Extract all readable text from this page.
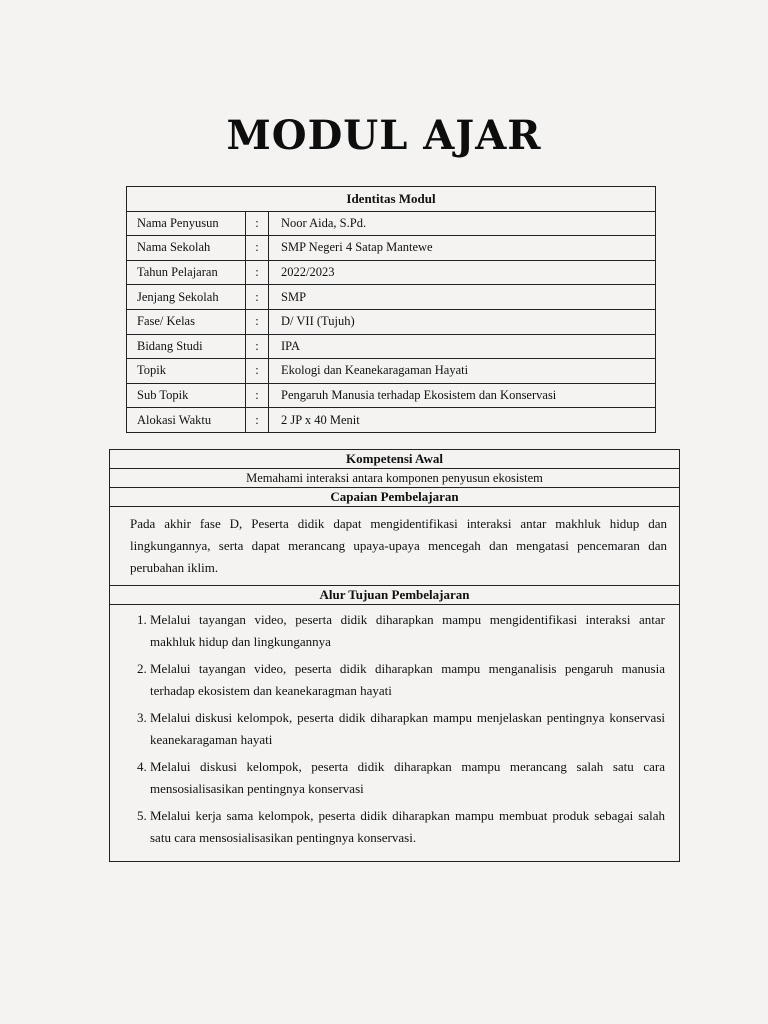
MODUL AJAR
Identitas Modul		
Nama Penyusun	:	Noor Aida, S.Pd.
Nama Sekolah	:	SMP Negeri 4 Satap Mantewe
Tahun Pelajaran	:	2022/2023
Jenjang Sekolah	:	SMP
Fase/ Kelas	:	D/ VII (Tujuh)
Bidang Studi	:	IPA
Topik	:	Ekologi dan Keanekaragaman Hayati
Sub Topik	:	Pengaruh Manusia terhadap Ekosistem dan Konservasi
Alokasi Waktu	:	2 JP x 40 Menit
Kompetensi Awal
Memahami interaksi antara komponen penyusun ekosistem
Capaian Pembelajaran
Pada akhir fase D, Peserta didik dapat mengidentifikasi interaksi antar makhluk hidup dan lingkungannya, serta dapat merancang upaya-upaya mencegah dan mengatasi pencemaran dan perubahan iklim.
Alur Tujuan Pembelajaran

1. Melalui tayangan video, peserta didik diharapkan mampu mengidentifikasi interaksi antar makhluk hidup dan lingkungannya
2. Melalui tayangan video, peserta didik diharapkan mampu menganalisis pengaruh manusia terhadap ekosistem dan keanekaragman hayati
3. Melalui diskusi kelompok, peserta didik diharapkan mampu menjelaskan pentingnya konservasi keanekaragaman hayati
4. Melalui diskusi kelompok, peserta didik diharapkan mampu merancang salah satu cara mensosialisasikan pentingnya konservasi
5. Melalui kerja sama kelompok, peserta didik diharapkan mampu membuat produk sebagai salah satu cara mensosialisasikan pentingnya konservasi.
